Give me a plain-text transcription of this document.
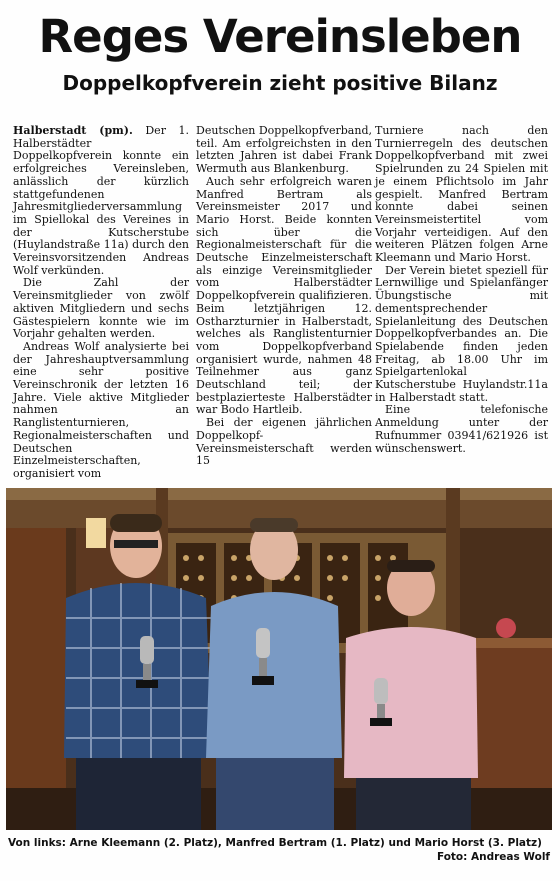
Reges Vereinsleben
Doppelkopfverein zieht positive Bilanz

Halberstadt (pm). Der 1. Halberstädter Doppelkopfverein konnte ein erfolgreiches Vereinsleben, anlässlich der kürzlich stattgefundenen Jahresmitgliederversammlung im Spiellokal des Vereines in der Kutscherstube (Huylandstraße 11a) durch den Vereinsvorsitzenden Andreas Wolf verkünden.

Die Zahl der Vereinsmitglieder von zwölf aktiven Mitgliedern und sechs Gästespielern konnte wie im Vorjahr gehalten werden.

Andreas Wolf analysierte bei der Jahreshauptversammlung eine sehr positive Vereinschronik der letzten 16 Jahre. Viele aktive Mitglieder nahmen an Ranglistenturnieren, Regionalmeisterschaften und Deutschen Einzelmeisterschaften, organisiert vom

Deutschen Doppelkopfverband, teil. Am erfolgreichsten in den letzten Jahren ist dabei Frank Wermuth aus Blankenburg.

Auch sehr erfolgreich waren Manfred Bertram als Vereinsmeister 2017 und Mario Horst. Beide konnten sich über die Regionalmeisterschaft für die Deutsche Einzelmeisterschaft als einzige Vereinsmitglieder vom Halberstädter Doppelkopfverein qualifizieren. Beim letztjährigen 12. Ostharzturnier in Halberstadt, welches als Ranglistenturnier vom Doppelkopfverband organisiert wurde, nahmen 48 Teilnehmer aus ganz Deutschland teil; der bestplazierteste Halberstädter war Bodo Hartleib.

Bei der eigenen jährlichen Doppelkopf-Vereinsmeisterschaft werden 15

Turniere nach den Turnierregeln des deutschen Doppelkopfverband mit zwei Spielrunden zu 24 Spielen mit je einem Pflichtsolo im Jahr gespielt. Manfred Bertram konnte dabei seinen Vereinsmeistertitel vom Vorjahr verteidigen. Auf den weiteren Plätzen folgen Arne Kleemann und Mario Horst.

Der Verein bietet speziell für Lernwillige und Spielanfänger Übungstische mit dementsprechender Spielanleitung des Deutschen Doppelkopfverbandes an. Die Spielabende finden jeden Freitag, ab 18.00 Uhr im Spielgartenlokal Kutscherstube Huylandstr.11a in Halberstadt statt.

Eine telefonische Anmeldung unter der Rufnummer 03941/621926 ist wünschenswert.

Von links: Arne Kleemann (2. Platz), Manfred Bertram (1. Platz) und Mario Horst (3. Platz)
Foto: Andreas Wolf
